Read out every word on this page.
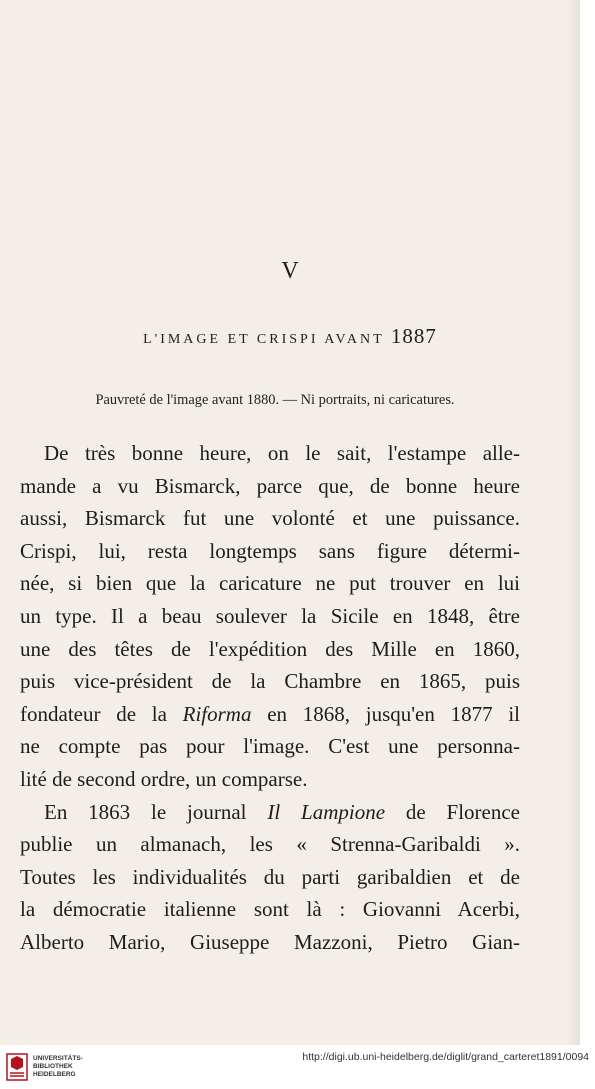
V
L'IMAGE ET CRISPI AVANT 1887

Pauvreté de l'image avant 1880. — Ni portraits, ni caricatures.

De très bonne heure, on le sait, l'estampe alle-
mande a vu Bismarck, parce que, de bonne heure
aussi, Bismarck fut une volonté et une puissance.
Crispi, lui, resta longtemps sans figure détermi-
née, si bien que la caricature ne put trouver en lui
un type. Il a beau soulever la Sicile en 1848, être
une des têtes de l'expédition des Mille en 1860,
puis vice-président de la Chambre en 1865, puis
fondateur de la Riforma en 1868, jusqu'en 1877 il
ne compte pas pour l'image. C'est une personna-
lité de second ordre, un comparse.

En 1863 le journal Il Lampione de Florence
publie un almanach, les « Strenna-Garibaldi ».
Toutes les individualités du parti garibaldien et de
la démocratie italienne sont là : Giovanni Acerbi,
Alberto Mario, Giuseppe Mazzoni, Pietro Gian-

UNIVERSITÄTS-
BIBLIOTHEK
HEIDELBERG
http://digi.ub.uni-heidelberg.de/diglit/grand_carteret1891/0094
